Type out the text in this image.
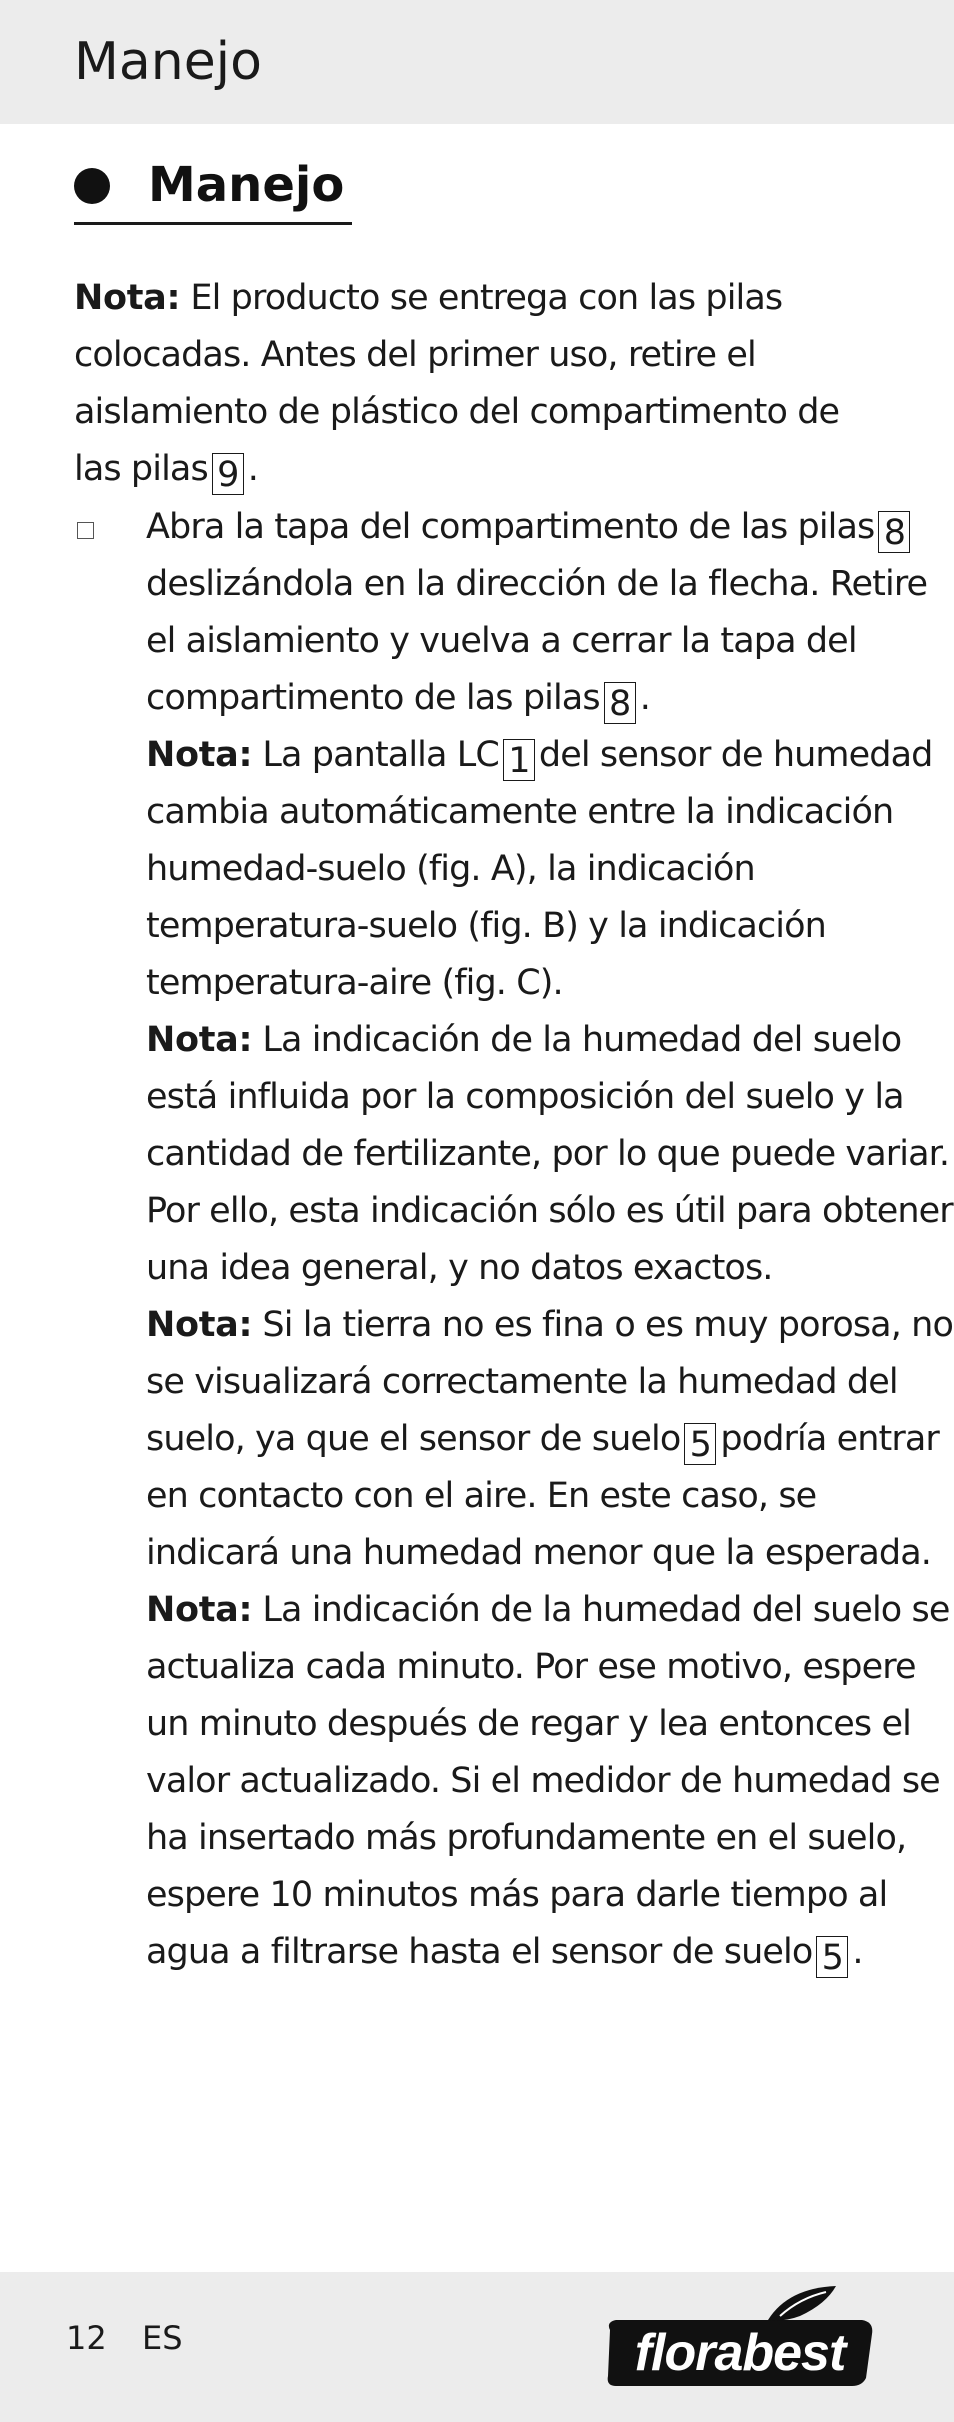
Manejo
Manejo

Nota: El producto se entrega con las pilas colocadas. Antes del primer uso, retire el aislamiento de plástico del compartimento de las pilas 9 .

Abra la tapa del compartimento de las pilas 8deslizándola en la dirección de la flecha. Retire el aislamiento y vuelva a cerrar la tapa del compartimento de las pilas 8 .

Nota: La pantalla LC 1 del sensor de humedad cambia automáticamente entre la indicación humedad-suelo (fig. A), la indicación temperatura-suelo (fig. B) y la indicación temperatura-aire (fig. C).

Nota: La indicación de la humedad del suelo está influida por la composición del suelo y la cantidad de fertilizante, por lo que puede variar. Por ello, esta indicación sólo es útil para obtener una idea general, y no datos exactos.

Nota: Si la tierra no es fina o es muy porosa, no se visualizará correctamente la humedad del suelo, ya que el sensor de suelo 5 podría entrar en contacto con el aire. En este caso, se indicará una humedad menor que la esperada.

Nota: La indicación de la humedad del suelo se actualiza cada minuto. Por ese motivo, espere un minuto después de regar y lea entonces el valor actualizado. Si el medidor de humedad se ha insertado más profundamente en el suelo, espere 10 minutos más para darle tiempo al agua a filtrarse hasta el sensor de suelo 5 .

12 ES	florabest
